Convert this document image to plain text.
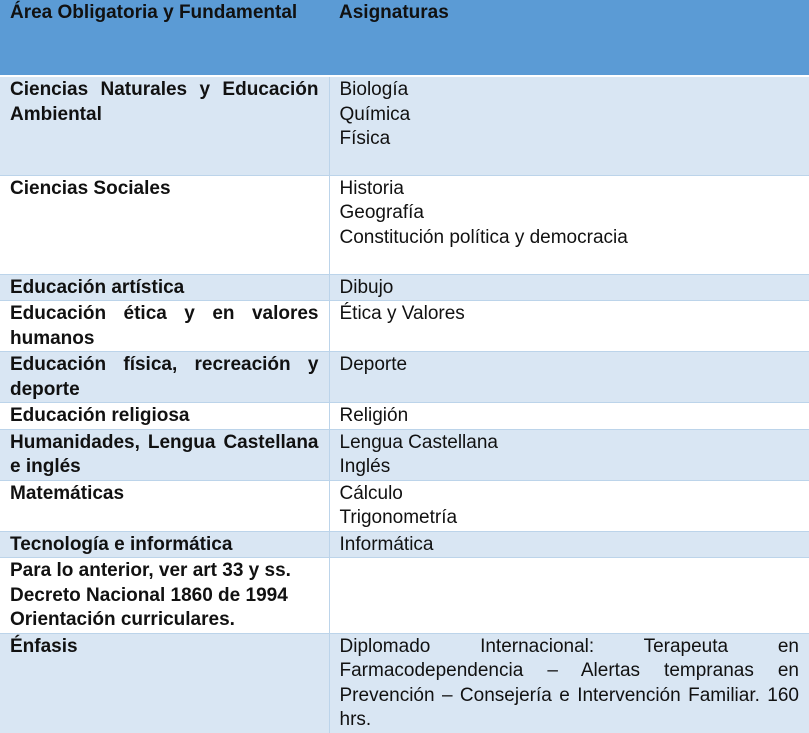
Área Obligatoria y Fundamental	Asignaturas
Ciencias Naturales y Educación Ambiental	Biología
Química
Física

Ciencias Sociales	Historia
Geografía
Constitución política y democracia

Educación artística	Dibujo

Educación ética y en valores humanos	Ética y Valores

Educación física, recreación y deporte	Deporte

Educación religiosa	Religión

Humanidades, Lengua Castellana e inglés	Lengua Castellana
Inglés

Matemáticas	Cálculo
Trigonometría

Tecnología e informática	Informática

Para lo anterior, ver art 33 y ss. Decreto Nacional 1860 de 1994 Orientación curriculares.	
Énfasis	Diplomado Internacional: Terapeuta en Farmacodependencia – Alertas tempranas en Prevención – Consejería e Intervención Familiar. 160 hrs.
